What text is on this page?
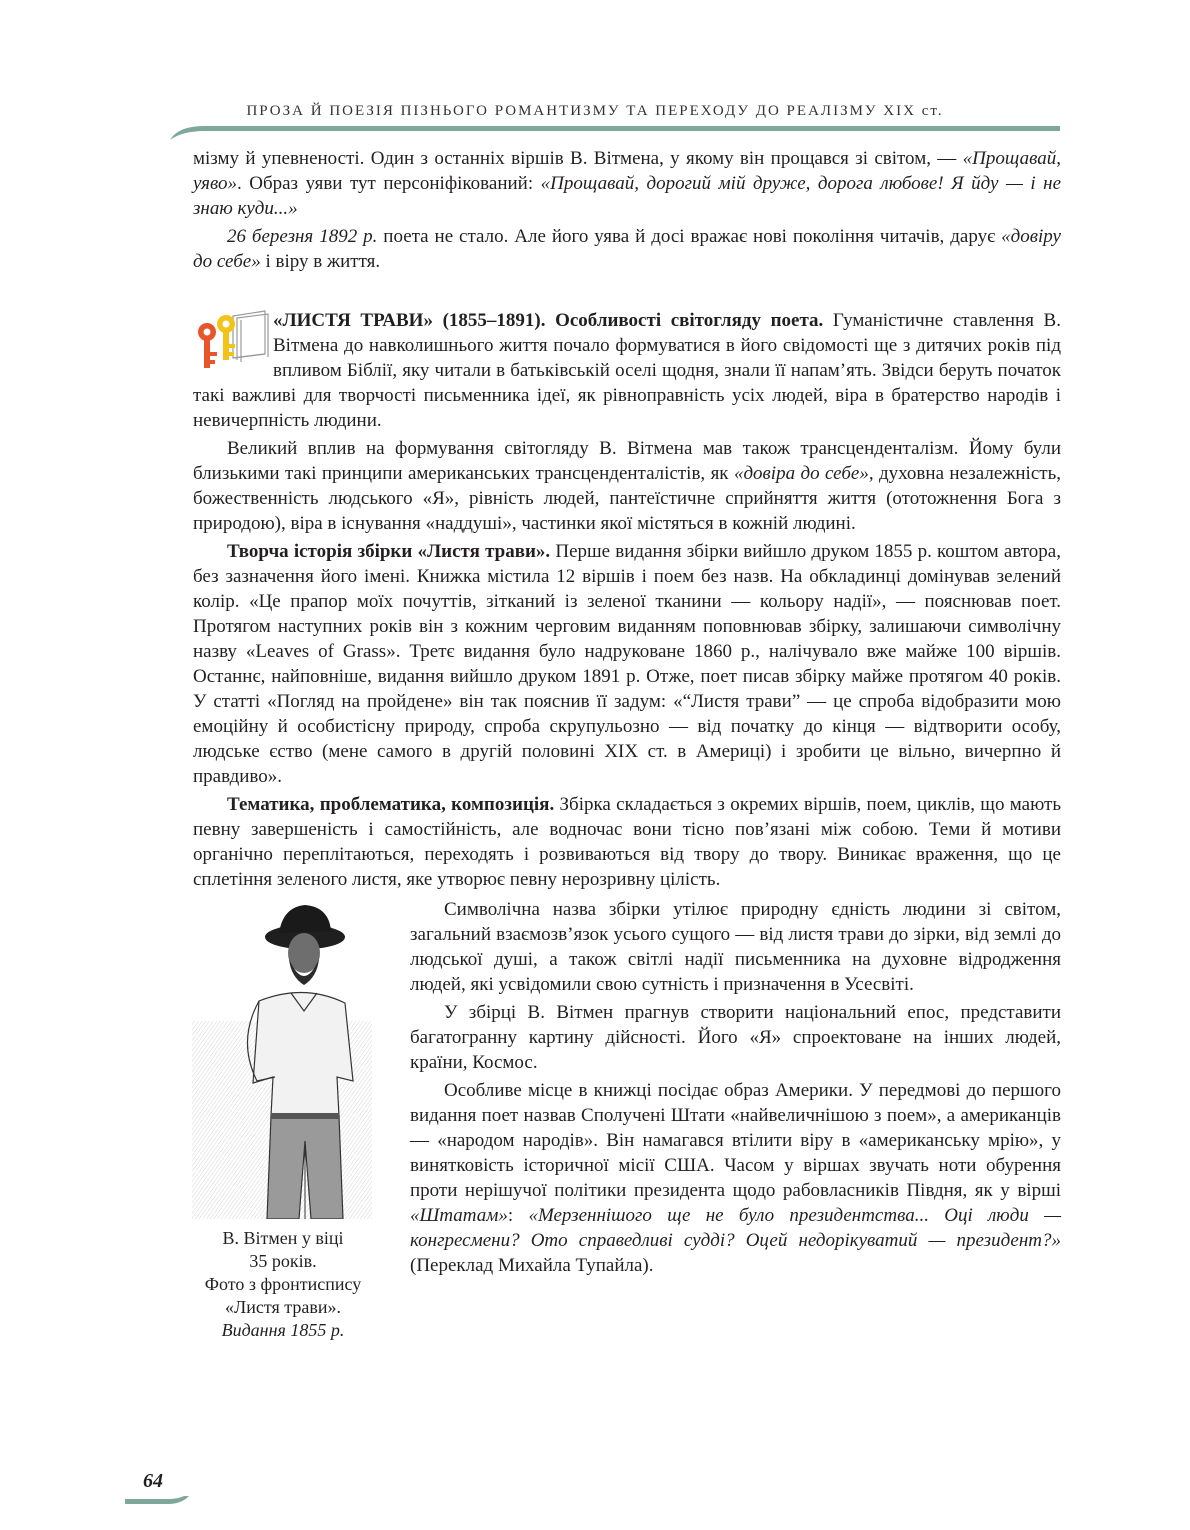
ПРОЗА Й ПОЕЗІЯ ПІЗНЬОГО РОМАНТИЗМУ ТА ПЕРЕХОДУ ДО РЕАЛІЗМУ XIX ст.

мізму й упевненості. Один з останніх віршів В. Вітмена, у якому він прощався зі світом, — «Прощавай, уяво». Образ уяви тут персоніфікований: «Прощавай, дорогий мій друже, дорога любове! Я йду — і не знаю куди...»

26 березня 1892 р. поета не стало. Але його уява й досі вражає нові покоління читачів, дарує «довіру до себе» і віру в життя.

«ЛИСТЯ ТРАВИ» (1855–1891). Особливості світогляду поета. Гуманістичне ставлення В. Вітмена до навколишнього життя почало формуватися в його свідомості ще з дитячих років під впливом Біблії, яку читали в батьківській оселі щодня, знали її напам’ять. Звідси беруть початок такі важливі для творчості письменника ідеї, як рівноправність усіх людей, віра в братерство народів і невичерпність людини.

Великий вплив на формування світогляду В. Вітмена мав також трансценденталізм. Йому були близькими такі принципи американських трансценденталістів, як «довіра до себе», духовна незалежність, божественність людського «Я», рівність людей, пантеїстичне сприйняття життя (ототожнення Бога з природою), віра в існування «наддуші», частинки якої містяться в кожній людині.

Творча історія збірки «Листя трави». Перше видання збірки вийшло друком 1855 р. коштом автора, без зазначення його імені. Книжка містила 12 віршів і поем без назв. На обкладинці домінував зелений колір. «Це прапор моїх почуттів, зітканий із зеленої тканини — кольору надії», — пояснював поет. Протягом наступних років він з кожним черговим виданням поповнював збірку, залишаючи символічну назву «Leaves of Grass». Третє видання було надруковане 1860 р., налічувало вже майже 100 віршів. Останнє, найповніше, видання вийшло друком 1891 р. Отже, поет писав збірку майже протягом 40 років. У статті «Погляд на пройдене» він так пояснив її задум: «“Листя трави” — це спроба відобразити мою емоційну й особистісну природу, спроба скрупульозно — від початку до кінця — відтворити особу, людське єство (мене самого в другій половині XIX ст. в Америці) і зробити це вільно, вичерпно й правдиво».

Тематика, проблематика, композиція. Збірка складається з окремих віршів, поем, циклів, що мають певну завершеність і самостійність, але водночас вони тісно пов’язані між собою. Теми й мотиви органічно переплітаються, переходять і розвиваються від твору до твору. Виникає враження, що це сплетіння зеленого листя, яке утворює певну нерозривну цілість.

В. Вітмен у віці
35 років.
Фото з фронтиспису
«Листя трави».
Видання 1855 р.

Символічна назва збірки утілює природну єдність людини зі світом, загальний взаємозв’язок усього сущого — від листя трави до зірки, від землі до людської душі, а також світлі надії письменника на духовне відродження людей, які усвідомили свою сутність і призначення в Усесвіті.

У збірці В. Вітмен прагнув створити національний епос, представити багатогранну картину дійсності. Його «Я» спроектоване на інших людей, країни, Космос.

Особливе місце в книжці посідає образ Америки. У передмові до першого видання поет назвав Сполучені Штати «найвеличнішою з поем», а американців — «народом народів». Він намагався втілити віру в «американську мрію», у винятковість історичної місії США. Часом у віршах звучать ноти обурення проти нерішучої політики президента щодо рабовласників Півдня, як у вірші «Штатам»: «Мерзеннішого ще не було президентства... Оці люди — конгресмени? Ото справедливі судді? Оцей недорікуватий — президент?» (Переклад Михайла Тупайла).

64
